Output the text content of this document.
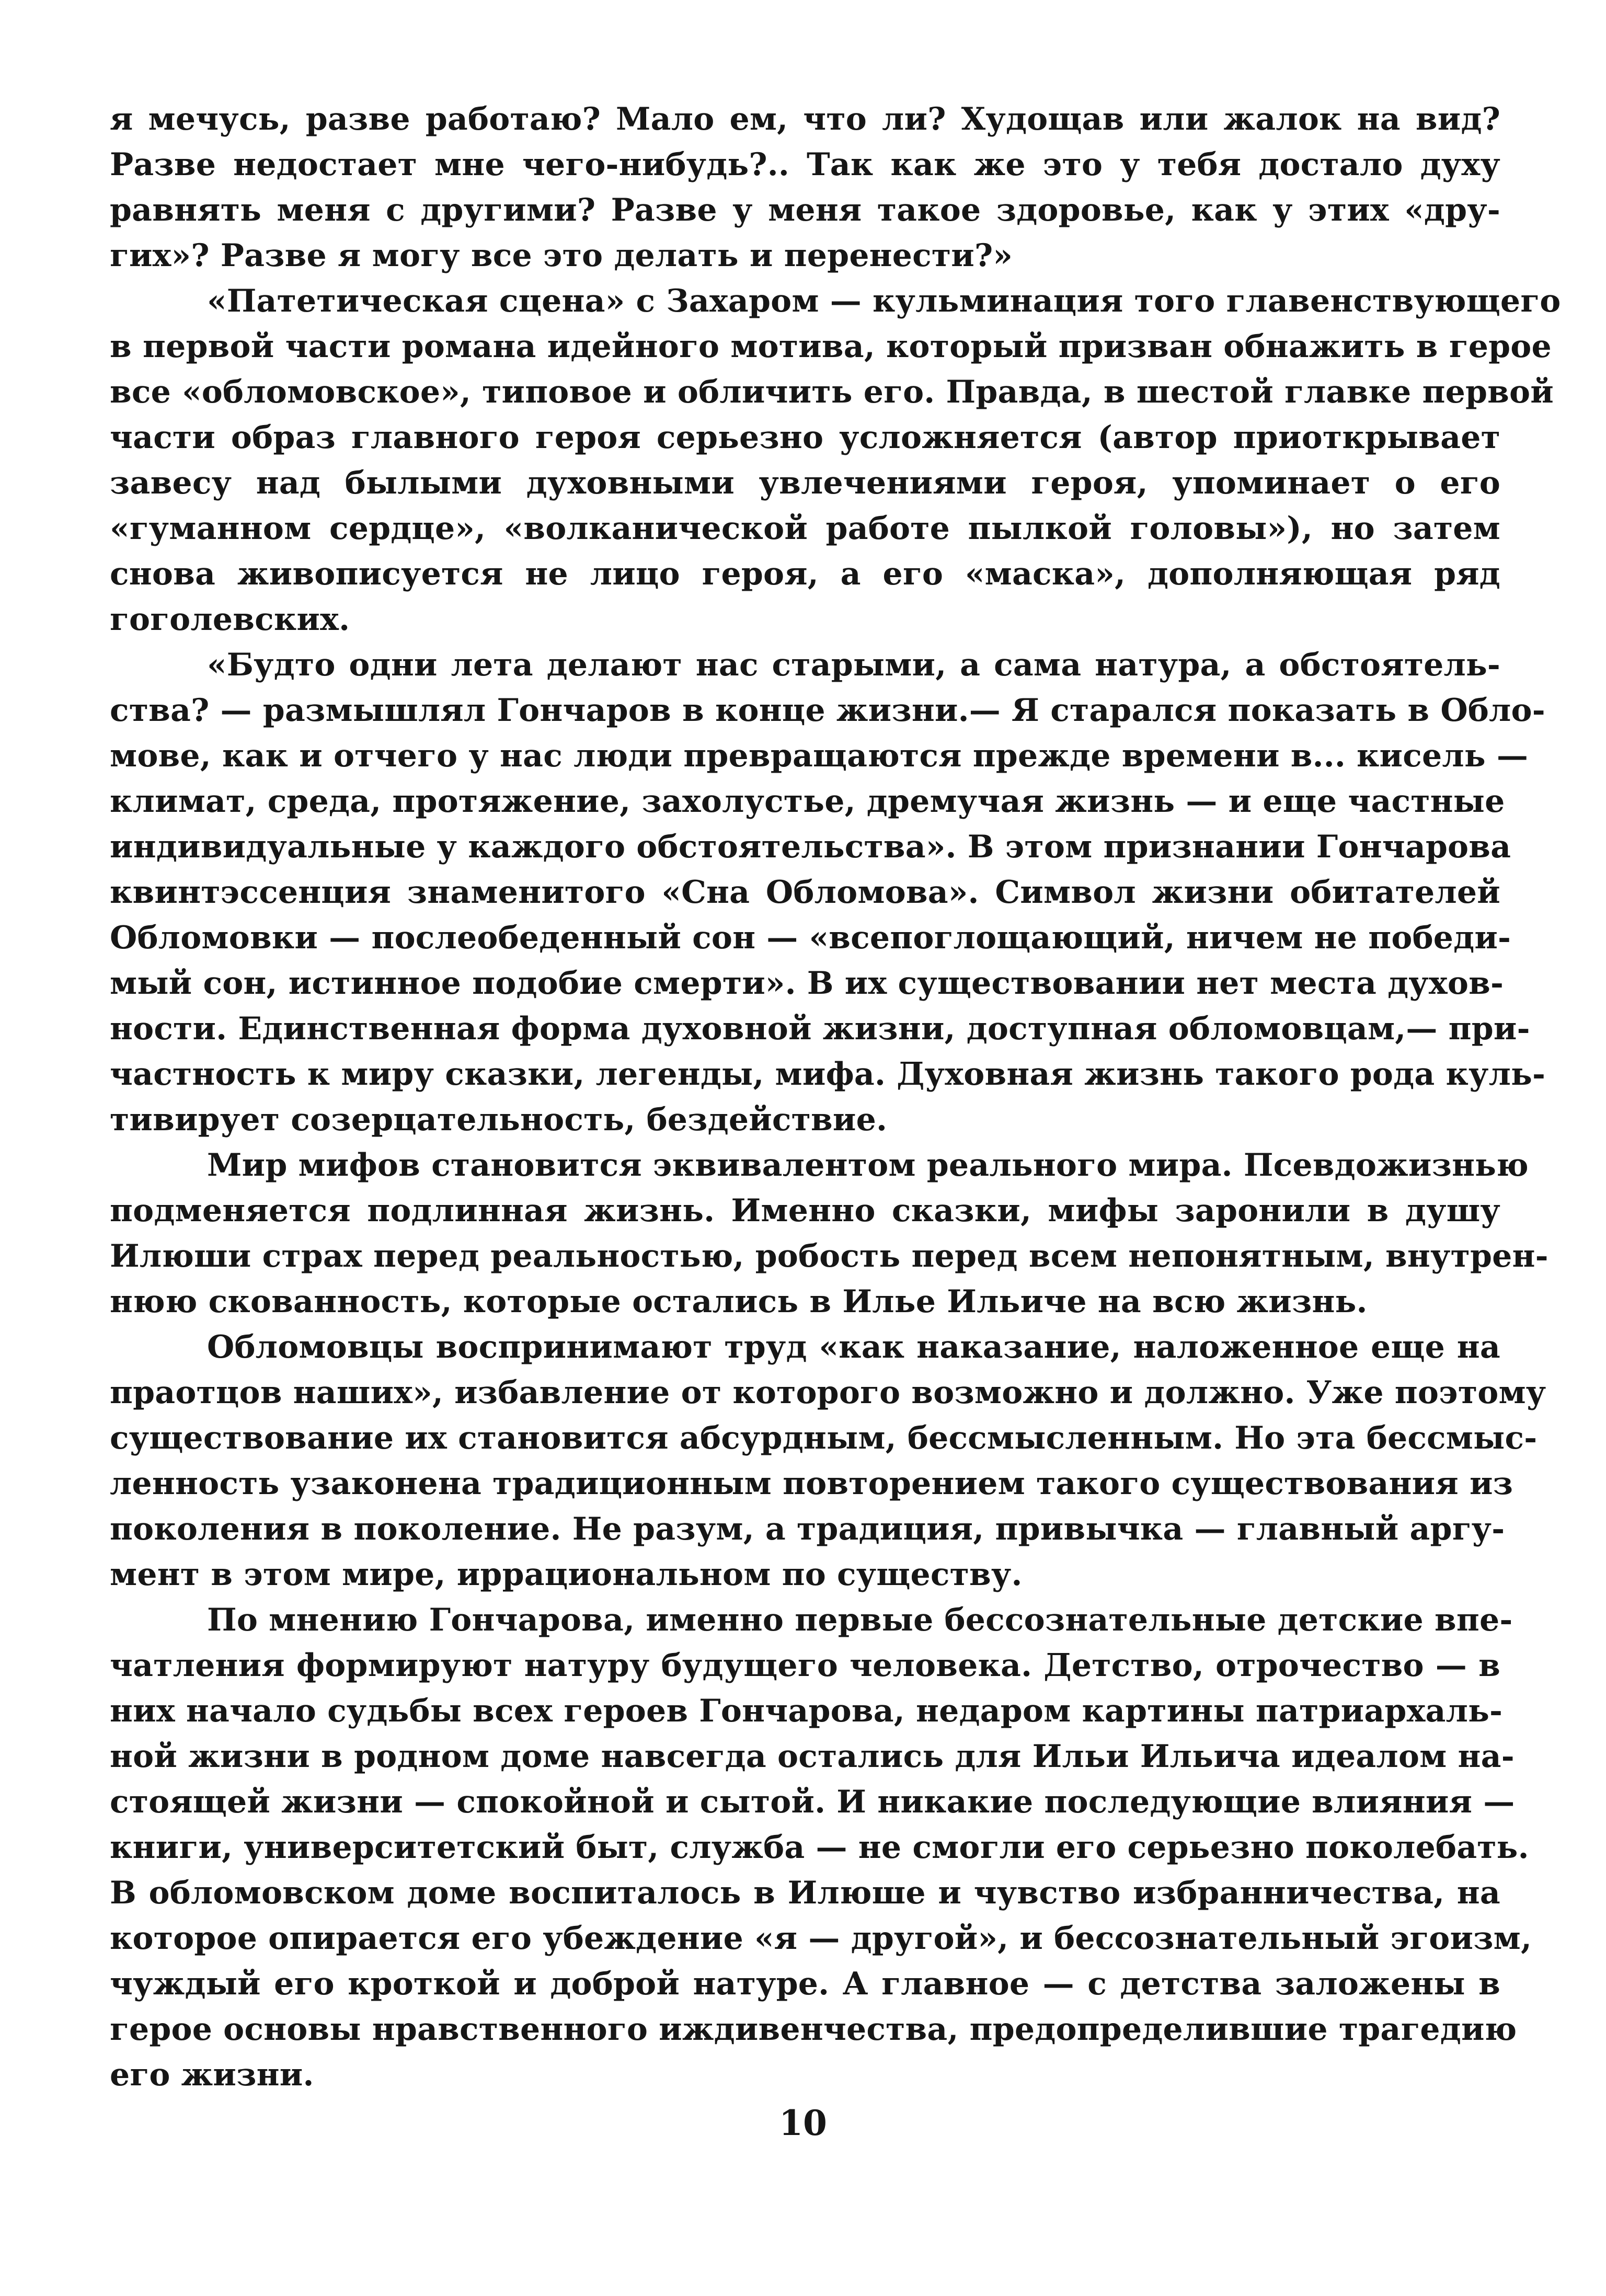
я мечусь, разве работаю? Мало ем, что ли? Худощав или жалок на вид?
Разве недостает мне чего-нибудь?.. Так как же это у тебя достало духу
равнять меня с другими? Разве у меня такое здоровье, как у этих «дру-
гих»? Разве я могу все это делать и перенести?»
«Патетическая сцена» с Захаром — кульминация того главенствующего
в первой части романа идейного мотива, который призван обнажить в герое
все «обломовское», типовое и обличить его. Правда, в шестой главке первой
части образ главного героя серьезно усложняется (автор приоткрывает
завесу над былыми духовными увлечениями героя, упоминает о его
«гуманном сердце», «волканической работе пылкой головы»), но затем
снова живописуется не лицо героя, а его «маска», дополняющая ряд
гоголевских.
«Будто одни лета делают нас старыми, а сама натура, а обстоятель-
ства? — размышлял Гончаров в конце жизни.— Я старался показать в Обло-
мове, как и отчего у нас люди превращаются прежде времени в... кисель —
климат, среда, протяжение, захолустье, дремучая жизнь — и еще частные
индивидуальные у каждого обстоятельства». В этом признании Гончарова
квинтэссенция знаменитого «Сна Обломова». Символ жизни обитателей
Обломовки — послеобеденный сон — «всепоглощающий, ничем не победи-
мый сон, истинное подобие смерти». В их существовании нет места духов-
ности. Единственная форма духовной жизни, доступная обломовцам,— при-
частность к миру сказки, легенды, мифа. Духовная жизнь такого рода куль-
тивирует созерцательность, бездействие.
Мир мифов становится эквивалентом реального мира. Псевдожизнью
подменяется подлинная жизнь. Именно сказки, мифы заронили в душу
Илюши страх перед реальностью, робость перед всем непонятным, внутрен-
нюю скованность, которые остались в Илье Ильиче на всю жизнь.
Обломовцы воспринимают труд «как наказание, наложенное еще на
праотцов наших», избавление от которого возможно и должно. Уже поэтому
существование их становится абсурдным, бессмысленным. Но эта бессмыс-
ленность узаконена традиционным повторением такого существования из
поколения в поколение. Не разум, а традиция, привычка — главный аргу-
мент в этом мире, иррациональном по существу.
По мнению Гончарова, именно первые бессознательные детские впе-
чатления формируют натуру будущего человека. Детство, отрочество — в
них начало судьбы всех героев Гончарова, недаром картины патриархаль-
ной жизни в родном доме навсегда остались для Ильи Ильича идеалом на-
стоящей жизни — спокойной и сытой. И никакие последующие влияния —
книги, университетский быт, служба — не смогли его серьезно поколебать.
В обломовском доме воспиталось в Илюше и чувство избранничества, на
которое опирается его убеждение «я — другой», и бессознательный эгоизм,
чуждый его кроткой и доброй натуре. А главное — с детства заложены в
герое основы нравственного иждивенчества, предопределившие трагедию
его жизни.
10
